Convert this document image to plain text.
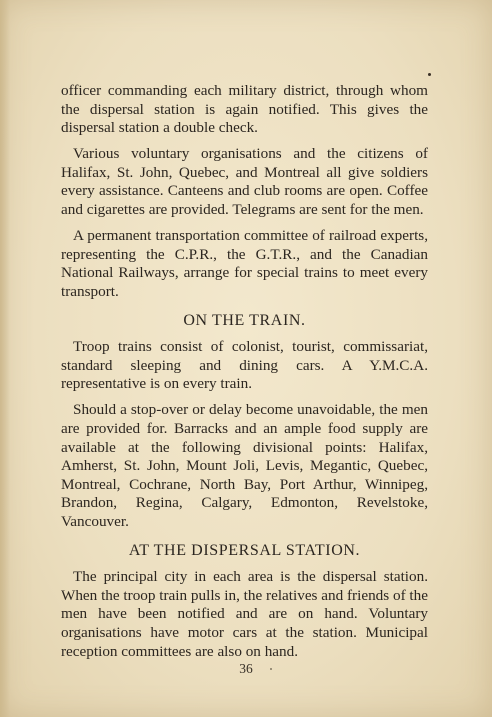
officer commanding each military district, through whom the dispersal station is again notified. This gives the dispersal station a double check.

Various voluntary organisations and the citizens of Halifax, St. John, Quebec, and Montreal all give soldiers every assistance. Canteens and club rooms are open. Coffee and cigarettes are provided. Telegrams are sent for the men.

A permanent transportation committee of railroad experts, representing the C.P.R., the G.T.R., and the Canadian National Railways, arrange for special trains to meet every transport.

ON THE TRAIN.

Troop trains consist of colonist, tourist, commissariat, standard sleeping and dining cars. A Y.M.C.A. representative is on every train.

Should a stop-over or delay become unavoidable, the men are provided for. Barracks and an ample food supply are available at the following divisional points: Halifax, Amherst, St. John, Mount Joli, Levis, Megantic, Quebec, Montreal, Cochrane, North Bay, Port Arthur, Winnipeg, Brandon, Regina, Calgary, Edmonton, Revelstoke, Vancouver.

AT THE DISPERSAL STATION.

The principal city in each area is the dispersal station. When the troop train pulls in, the relatives and friends of the men have been notified and are on hand. Voluntary organisations have motor cars at the station. Municipal reception committees are also on hand.

36
